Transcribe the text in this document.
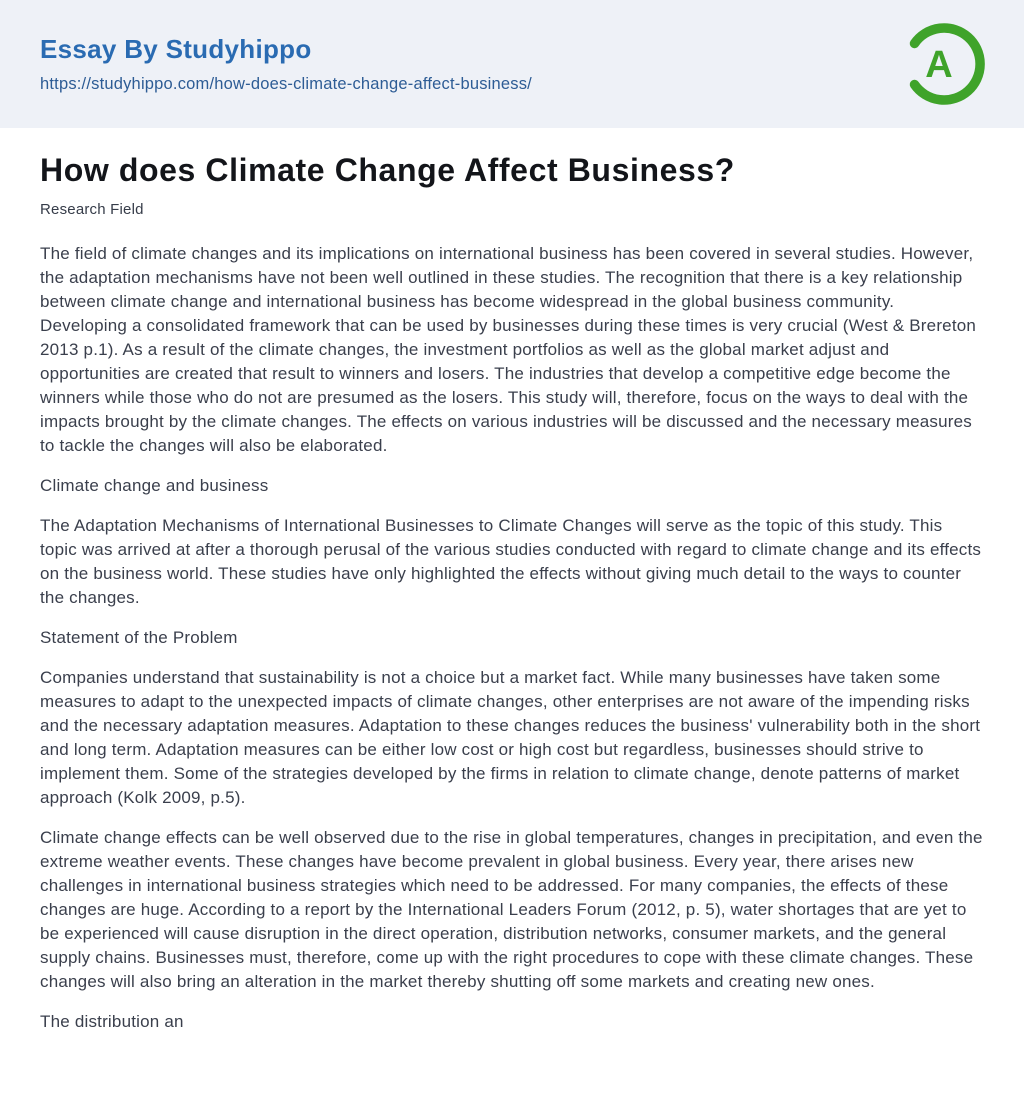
Essay By Studyhippo
https://studyhippo.com/how-does-climate-change-affect-business/	A
How does Climate Change Affect Business?
Research Field

The field of climate changes and its implications on international business has been covered in several studies. However, the adaptation mechanisms have not been well outlined in these studies. The recognition that there is a key relationship between climate change and international business has become widespread in the global business community. Developing a consolidated framework that can be used by businesses during these times is very crucial (West & Brereton 2013 p.1). As a result of the climate changes, the investment portfolios as well as the global market adjust and opportunities are created that result to winners and losers. The industries that develop a competitive edge become the winners while those who do not are presumed as the losers. This study will, therefore, focus on the ways to deal with the impacts brought by the climate changes. The effects on various industries will be discussed and the necessary measures to tackle the changes will also be elaborated.

Climate change and business

The Adaptation Mechanisms of International Businesses to Climate Changes will serve as the topic of this study. This topic was arrived at after a thorough perusal of the various studies conducted with regard to climate change and its effects on the business world. These studies have only highlighted the effects without giving much detail to the ways to counter the changes.

Statement of the Problem

Companies understand that sustainability is not a choice but a market fact. While many businesses have taken some measures to adapt to the unexpected impacts of climate changes, other enterprises are not aware of the impending risks and the necessary adaptation measures. Adaptation to these changes reduces the business' vulnerability both in the short and long term. Adaptation measures can be either low cost or high cost but regardless, businesses should strive to implement them. Some of the strategies developed by the firms in relation to climate change, denote patterns of market approach (Kolk 2009, p.5).

Climate change effects can be well observed due to the rise in global temperatures, changes in precipitation, and even the extreme weather events. These changes have become prevalent in global business. Every year, there arises new challenges in international business strategies which need to be addressed. For many companies, the effects of these changes are huge. According to a report by the International Leaders Forum (2012, p. 5), water shortages that are yet to be experienced will cause disruption in the direct operation, distribution networks, consumer markets, and the general supply chains. Businesses must, therefore, come up with the right procedures to cope with these climate changes. These changes will also bring an alteration in the market thereby shutting off some markets and creating new ones.

The distribution an
